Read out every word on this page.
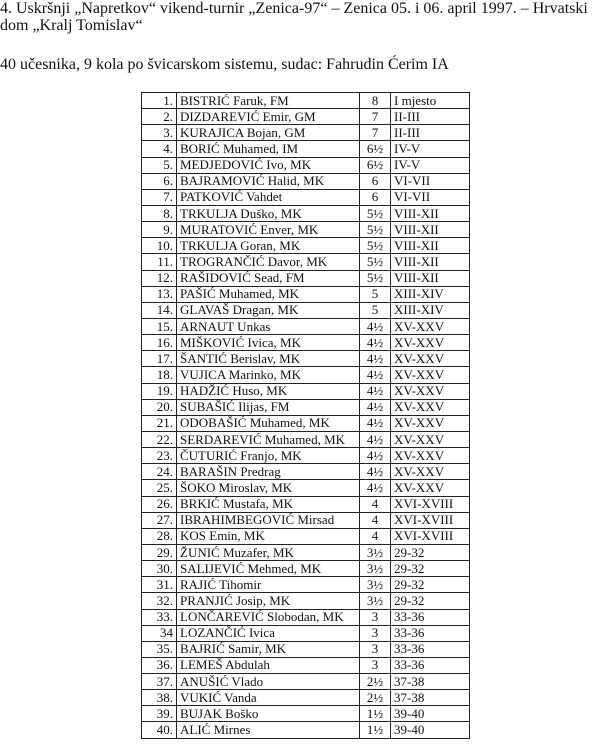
4. Uskršnji „Napretkov“ vikend-turnir „Zenica-97“ – Zenica 05. i 06. april 1997. – Hrvatski
dom „Kralj Tomislav“
40 učesnika, 9 kola po švicarskom sistemu, sudac: Fahrudin Ćerim IA
1.	BISTRIĆ Faruk, FM	8	I mjesto
2.	DIZDAREVIĆ Emir, GM	7	II-III
3.	KURAJICA Bojan, GM	7	II-III
4.	BORIĆ Muhamed, IM	6½	IV-V
5.	MEDJEDOVIĆ Ivo, MK	6½	IV-V
6.	BAJRAMOVIĆ Halid, MK	6	VI-VII
7.	PATKOVIĆ Vahdet	6	VI-VII
8.	TRKULJA Duško, MK	5½	VIII-XII
9.	MURATOVIĆ Enver, MK	5½	VIII-XII
10.	TRKULJA Goran, MK	5½	VIII-XII
11.	TROGRANČIĆ Davor, MK	5½	VIII-XII
12.	RAŠIDOVIĆ Sead, FM	5½	VIII-XII
13.	PAŠIĆ Muhamed, MK	5	XIII-XIV
14.	GLAVAŠ Dragan, MK	5	XIII-XIV
15.	ARNAUT Unkas	4½	XV-XXV
16.	MIŠKOVIĆ Ivica, MK	4½	XV-XXV
17.	ŠANTIĆ Berislav, MK	4½	XV-XXV
18.	VUJICA Marinko, MK	4½	XV-XXV
19.	HADŽIĆ Huso, MK	4½	XV-XXV
20.	SUBAŠIĆ Ilijas, FM	4½	XV-XXV
21.	ODOBAŠIĆ Muhamed, MK	4½	XV-XXV
22.	SERDAREVIĆ Muhamed, MK	4½	XV-XXV
23.	ČUTURIĆ Franjo, MK	4½	XV-XXV
24.	BARAŠIN Predrag	4½	XV-XXV
25.	ŠOKO Miroslav, MK	4½	XV-XXV
26.	BRKIĆ Mustafa, MK	4	XVI-XVIII
27.	IBRAHIMBEGOVIĆ Mirsad	4	XVI-XVIII
28.	KOS Emin, MK	4	XVI-XVIII
29.	ŽUNIĆ Muzafer, MK	3½	29-32
30.	SALIJEVIĆ Mehmed, MK	3½	29-32
31.	RAJIĆ Tihomir	3½	29-32
32.	PRANJIĆ Josip, MK	3½	29-32
33.	LONČAREVIĆ Slobodan, MK	3	33-36
34	LOZANČIĆ Ivica	3	33-36
35.	BAJRIĆ Samir, MK	3	33-36
36.	LEMEŠ Abdulah	3	33-36
37.	ANUŠIĆ Vlado	2½	37-38
38.	VUKIĆ Vanda	2½	37-38
39.	BUJAK Boško	1½	39-40
40.	ALIĆ Mirnes	1½	39-40
